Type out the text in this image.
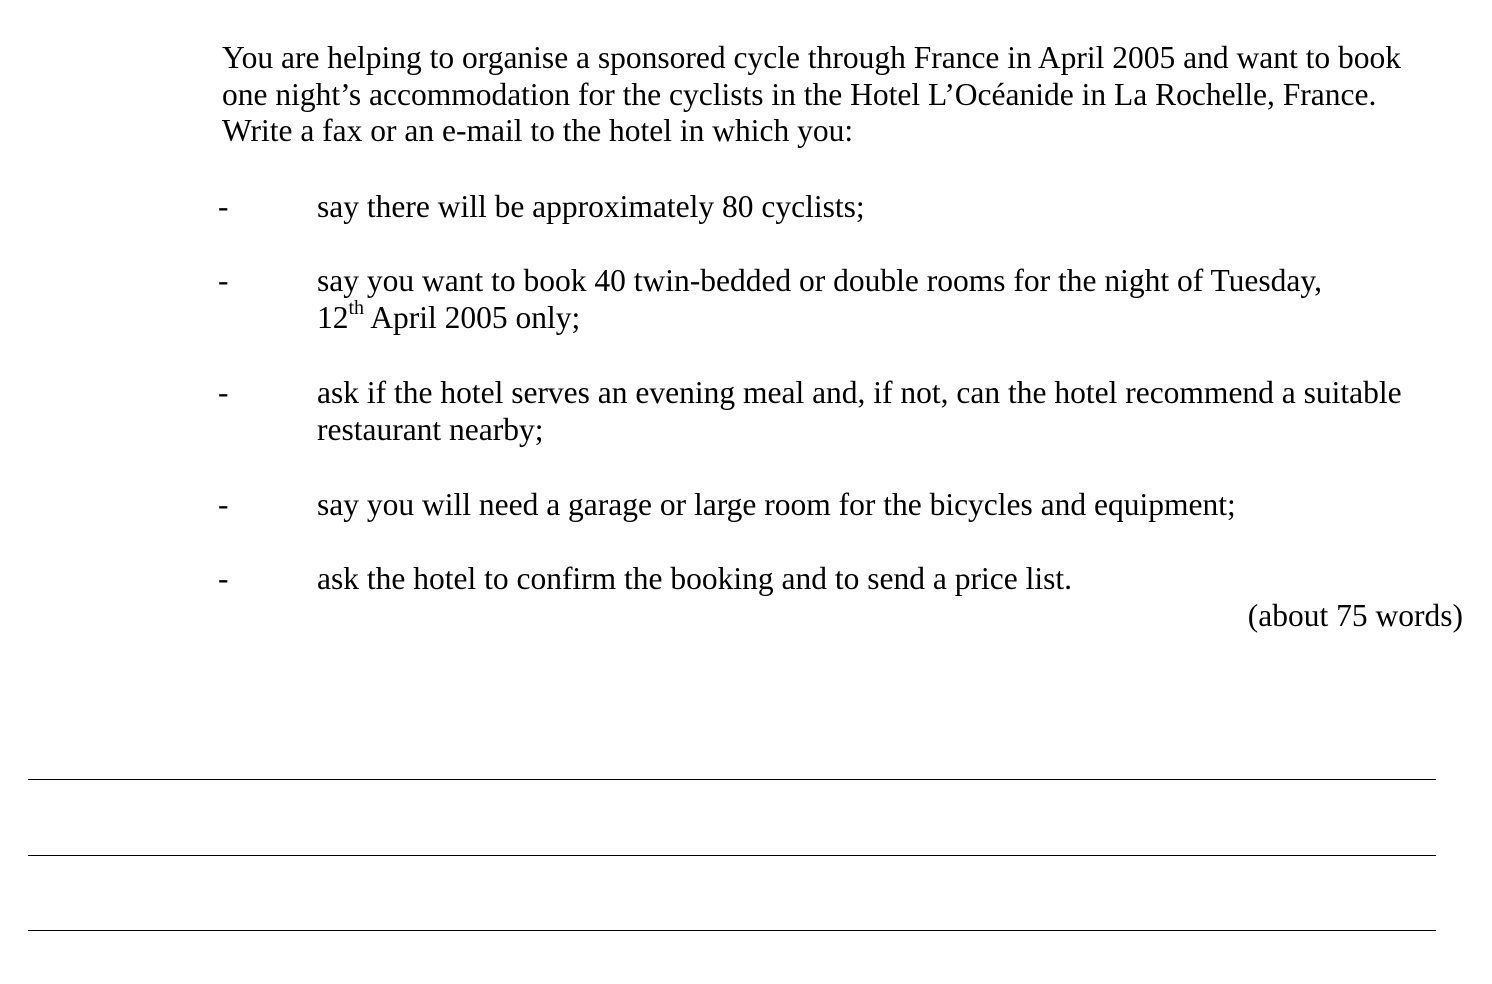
You are helping to organise a sponsored cycle through France in April 2005 and want to book

one night’s accommodation for the cyclists in the Hotel L’Océanide in La Rochelle, France.

Write a fax or an e-mail to the hotel in which you:

-	say there will be approximately 80 cyclists;
-	say you want to book 40 twin-bedded or double rooms for the night of Tuesday,
12th April 2005 only;
-	ask if the hotel serves an evening meal and, if not, can the hotel recommend a suitable
restaurant nearby;
-	say you will need a garage or large room for the bicycles and equipment;
-	ask the hotel to confirm the booking and to send a price list.
(about 75 words)
